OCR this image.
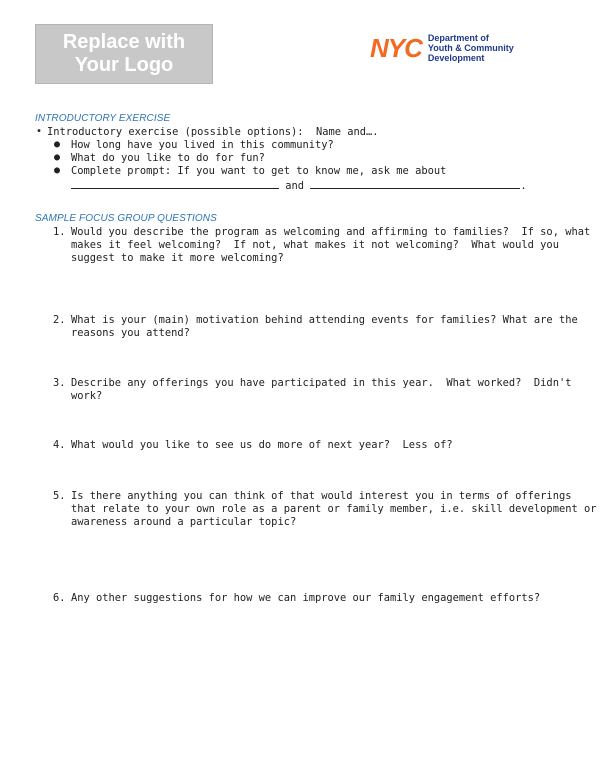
Replace with
Your Logo
NYC Department of
Youth & Community
Development
INTRODUCTORY EXERCISE
• Introductory exercise (possible options):  Name and….
● How long have you lived in this community?
● What do you like to do for fun?
● Complete prompt: If you want to get to know me, ask me about
and	.
SAMPLE FOCUS GROUP QUESTIONS
1. Would you describe the program as welcoming and affirming to families?  If so, what
makes it feel welcoming?  If not, what makes it not welcoming?  What would you
suggest to make it more welcoming?
2. What is your (main) motivation behind attending events for families? What are the
reasons you attend?
3. Describe any offerings you have participated in this year.  What worked?  Didn't
work?
4. What would you like to see us do more of next year?  Less of?
5. Is there anything you can think of that would interest you in terms of offerings
that relate to your own role as a parent or family member, i.e. skill development or
awareness around a particular topic?
6. Any other suggestions for how we can improve our family engagement efforts?
